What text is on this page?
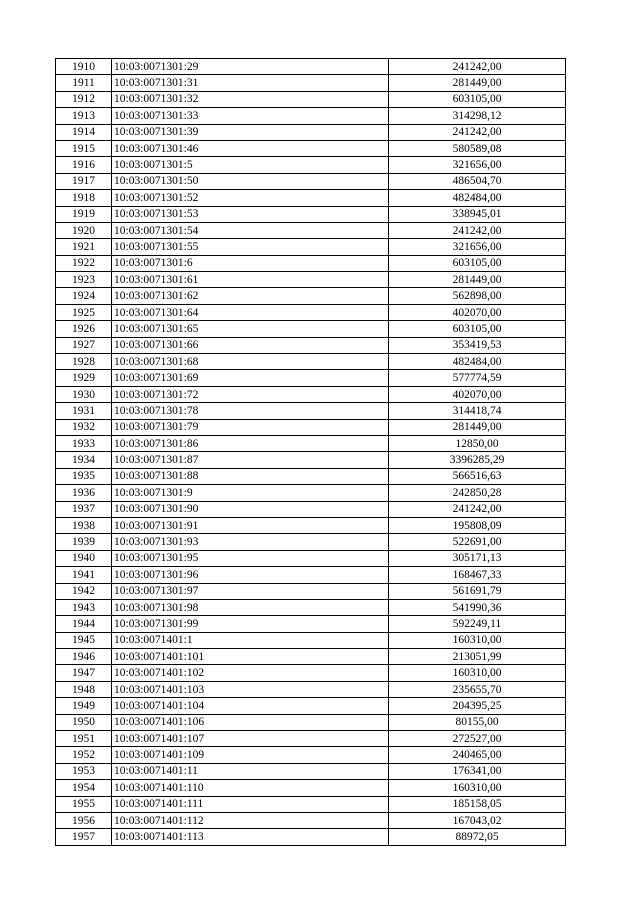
1910	10:03:0071301:29	241242,00
1911	10:03:0071301:31	281449,00
1912	10:03:0071301:32	603105,00
1913	10:03:0071301:33	314298,12
1914	10:03:0071301:39	241242,00
1915	10:03:0071301:46	580589,08
1916	10:03:0071301:5	321656,00
1917	10:03:0071301:50	486504,70
1918	10:03:0071301:52	482484,00
1919	10:03:0071301:53	338945,01
1920	10:03:0071301:54	241242,00
1921	10:03:0071301:55	321656,00
1922	10:03:0071301:6	603105,00
1923	10:03:0071301:61	281449,00
1924	10:03:0071301:62	562898,00
1925	10:03:0071301:64	402070,00
1926	10:03:0071301:65	603105,00
1927	10:03:0071301:66	353419,53
1928	10:03:0071301:68	482484,00
1929	10:03:0071301:69	577774,59
1930	10:03:0071301:72	402070,00
1931	10:03:0071301:78	314418,74
1932	10:03:0071301:79	281449,00
1933	10:03:0071301:86	12850,00
1934	10:03:0071301:87	3396285,29
1935	10:03:0071301:88	566516,63
1936	10:03:0071301:9	242850,28
1937	10:03:0071301:90	241242,00
1938	10:03:0071301:91	195808,09
1939	10:03:0071301:93	522691,00
1940	10:03:0071301:95	305171,13
1941	10:03:0071301:96	168467,33
1942	10:03:0071301:97	561691,79
1943	10:03:0071301:98	541990,36
1944	10:03:0071301:99	592249,11
1945	10:03:0071401:1	160310,00
1946	10:03:0071401:101	213051,99
1947	10:03:0071401:102	160310,00
1948	10:03:0071401:103	235655,70
1949	10:03:0071401:104	204395,25
1950	10:03:0071401:106	80155,00
1951	10:03:0071401:107	272527,00
1952	10:03:0071401:109	240465,00
1953	10:03:0071401:11	176341,00
1954	10:03:0071401:110	160310,00
1955	10:03:0071401:111	185158,05
1956	10:03:0071401:112	167043,02
1957	10:03:0071401:113	88972,05
